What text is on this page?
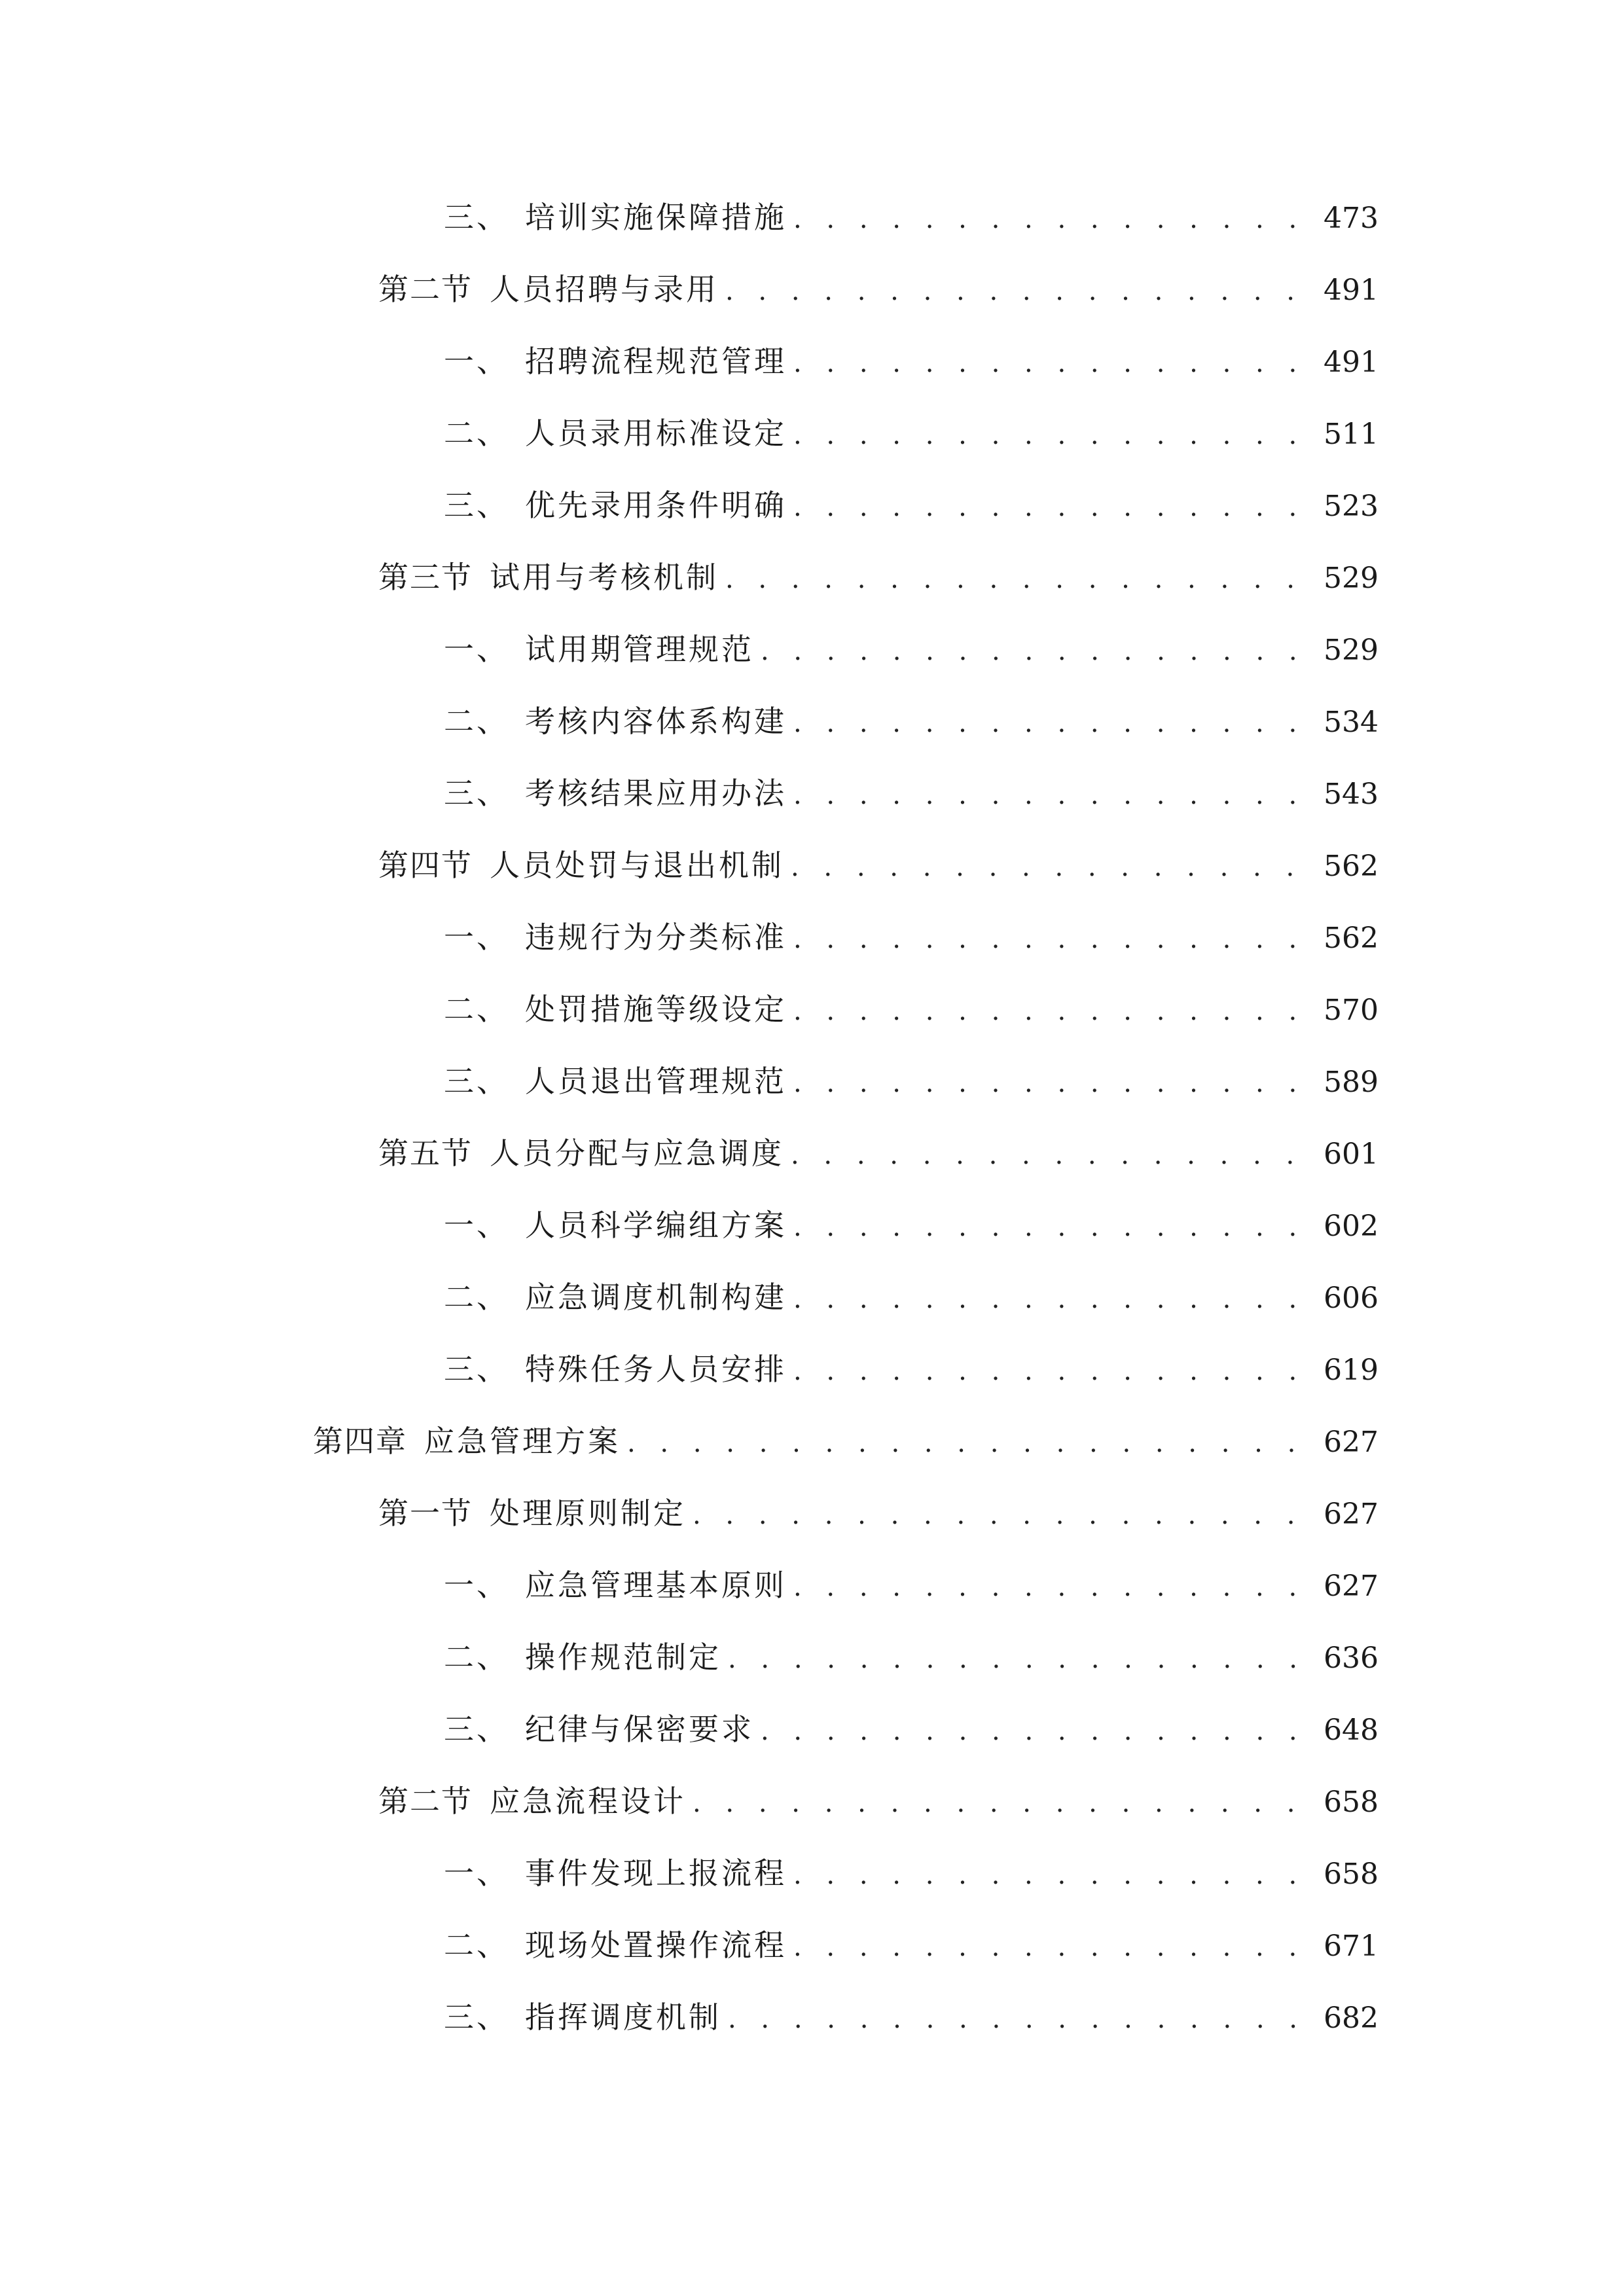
三、 培训实施保障措施 . . .	473
第二节 人员招聘与录用 . . .	491
一、 招聘流程规范管理 . . .	491
二、 人员录用标准设定 . . .	511
三、 优先录用条件明确 . . .	523
第三节 试用与考核机制 . . .	529
一、 试用期管理规范 . . .	529
二、 考核内容体系构建 . . .	534
三、 考核结果应用办法 . . .	543
第四节 人员处罚与退出机制 . . .	562
一、 违规行为分类标准 . . .	562
二、 处罚措施等级设定 . . .	570
三、 人员退出管理规范 . . .	589
第五节 人员分配与应急调度 . . .	601
一、 人员科学编组方案 . . .	602
二、 应急调度机制构建 . . .	606
三、 特殊任务人员安排 . . .	619
第四章 应急管理方案 . . .	627
第一节 处理原则制定 . . .	627
一、 应急管理基本原则 . . .	627
二、 操作规范制定 . . .	636
三、 纪律与保密要求 . . .	648
第二节 应急流程设计 . . .	658
一、 事件发现上报流程 . . .	658
二、 现场处置操作流程 . . .	671
三、 指挥调度机制 . . .	682
